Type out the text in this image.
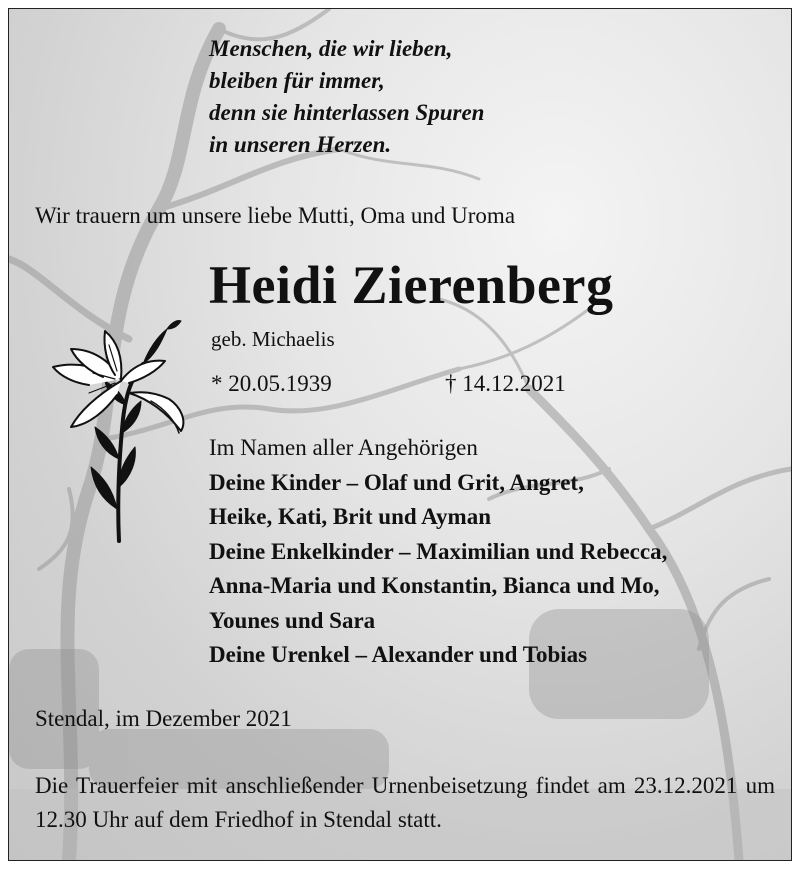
Menschen, die wir lieben,
bleiben für immer,
denn sie hinterlassen Spuren
in unseren Herzen.
Wir trauern um unsere liebe Mutti, Oma und Uroma
Heidi Zierenberg
geb. Michaelis
* 20.05.1939	† 14.12.2021
Im Namen aller Angehörigen
Deine Kinder – Olaf und Grit, Angret,
Heike, Kati, Brit und Ayman
Deine Enkelkinder – Maximilian und Rebecca,
Anna-Maria und Konstantin, Bianca und Mo,
Younes und Sara
Deine Urenkel – Alexander und Tobias
Stendal, im Dezember 2021
Die Trauerfeier mit anschließender Urnenbeisetzung findet am 23.12.2021 um 12.30 Uhr auf dem Friedhof in Stendal statt.
